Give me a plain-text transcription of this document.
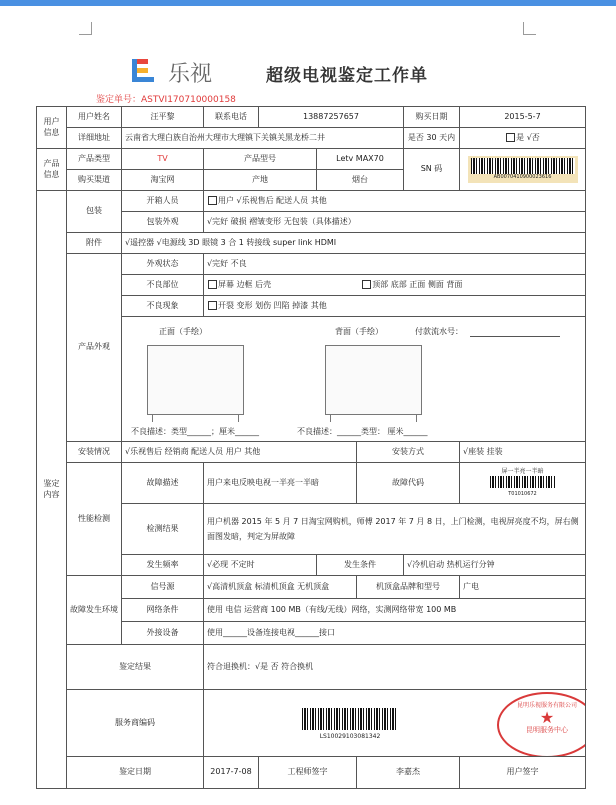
乐视	超级电视鉴定工作单
鉴定单号：ASTVI170710000158
用户信息	用户姓名	汪平黎	联系电话	13887257657			购买日期	2015-5-7	
	详细地址	云南省大理白族自治州大理市大理镇下关镇关黑龙桥二井					是否 30 天内	是 √否	
产品信息	产品类型	TV	产品型号		Letv MAX70		SN 码	AB0070410900023616	

	购买渠道	淘宝网	产地		烟台				
鉴定内容	包装	开箱人员	用户 √乐视售后 配送人员 其他						
		包装外观	√完好 破损 褶皱变形 无包装（具体描述）						
	附件	√遥控器 √电源线 3D 眼镜 3 合 1 转接线 super link HDMI							
	产品外观	外观状态	√完好 不良						
		不良部位	屏幕 边框 后壳 顶部 底部 正面 侧面 背面						
		不良现象	开裂 变形 划伤 凹陷 掉漆 其他						

		正面（手绘） 背面（手绘） 付款流水号：
不良描述：类型______；厘米______ 不良描述：______类型： 厘米______							

	安装情况	√乐视售后 经销商 配送人员 用户 其他				安装方式		√座装 挂装	
	性能检测	故障描述	用户来电反映电视一半亮一半暗			故障代码		屏一半亮一半暗
T01010672	

		检测结果	用户机器 2015 年 5 月 7 日淘宝网购机，师傅 2017 年 7 月 8 日，上门检测，电视屏亮度不均，屏右侧面图发暗，判定为屏故障						
		发生频率	√必现 不定时		发生条件		√冷机启动 热机运行分钟		
	故障发生环境	信号源	√高清机顶盒 标清机顶盒 无机顶盒			机顶盒品牌和型号		广电	
		网络条件	使用 电信 运营商 100 MB（有线/无线）网络，实测网络带宽 100 MB						
		外接设备	使用______设备连接电视______接口						
	鉴定结果		符合退换机：√是 否 符合换机						
	服务商编码		LS10029103081342
昆明乐视服务有限公司
★
昆明服务中心						

	鉴定日期		2017-7-08	工程师签字		李嘉杰		用户签字	
